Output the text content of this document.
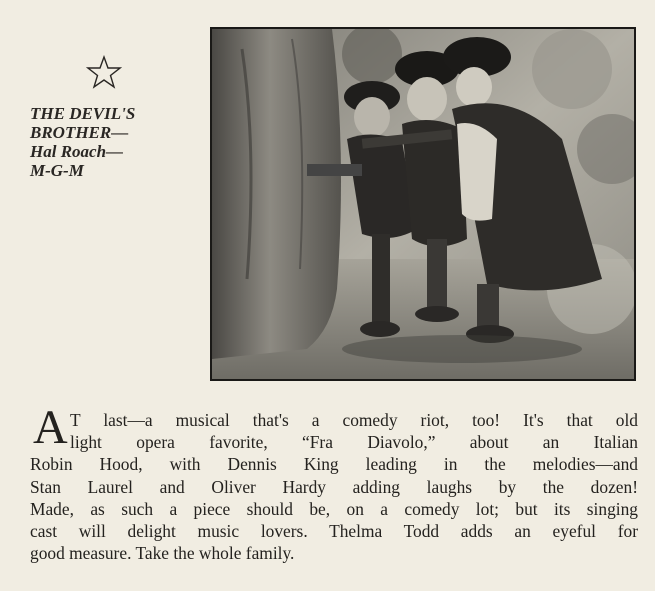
THE DEVIL'S
BROTHER—
Hal Roach—
M-G-M
A T last—a musical that's a comedy riot, too! It's that old
light opera favorite, “Fra Diavolo,” about an Italian
Robin Hood, with Dennis King leading in the melodies—and
Stan Laurel and Oliver Hardy adding laughs by the dozen!
Made, as such a piece should be, on a comedy lot; but its singing
cast will delight music lovers. Thelma Todd adds an eyeful for
good measure. Take the whole family.
